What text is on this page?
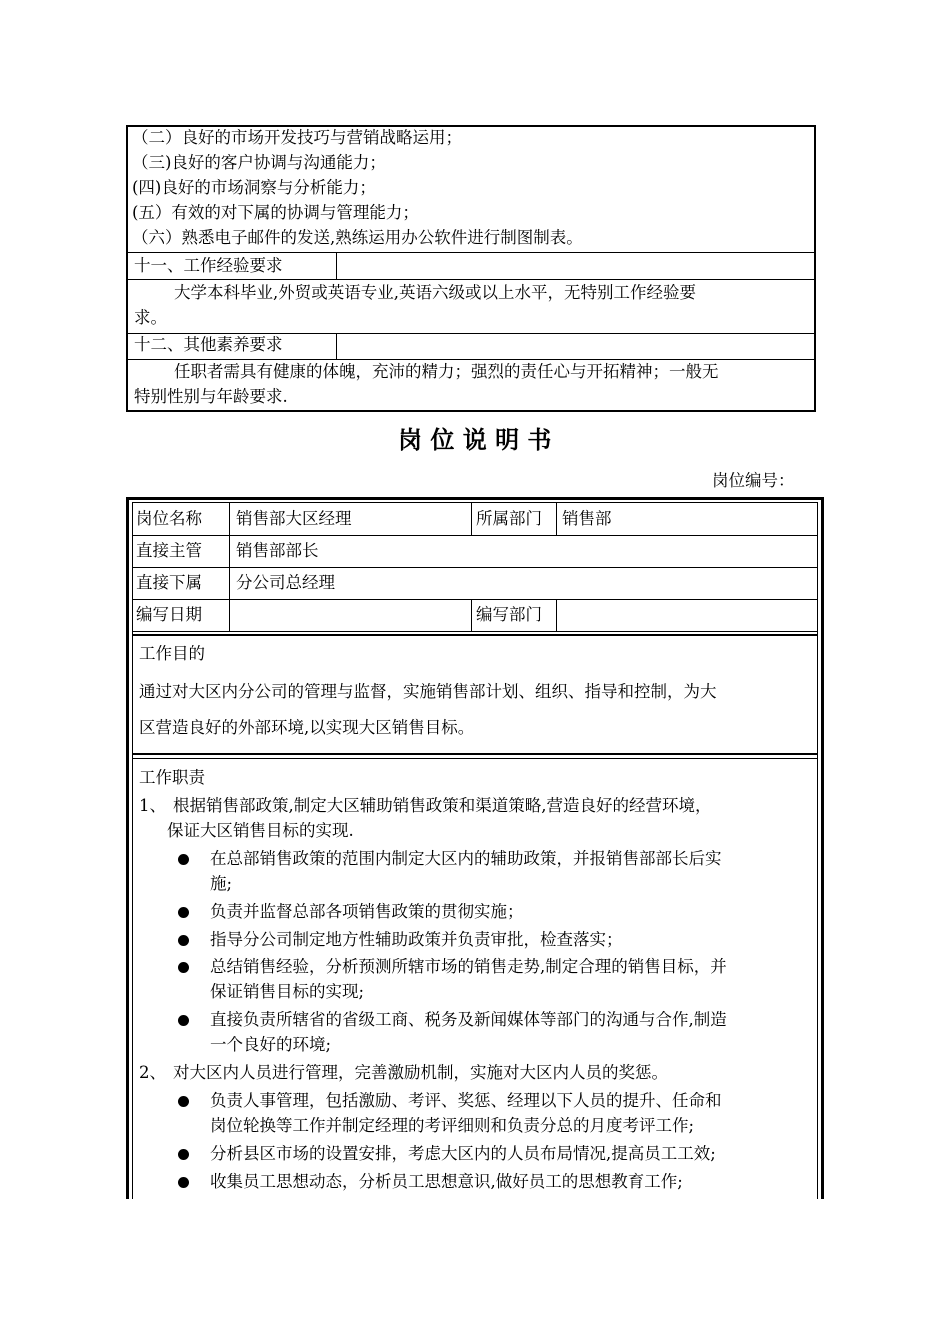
（二）良好的市场开发技巧与营销战略运用；
（三)良好的客户协调与沟通能力；
(四)良好的市场洞察与分析能力；
(五）有效的对下属的协调与管理能力；
（六）熟悉电子邮件的发送,熟练运用办公软件进行制图制表。
十一、工作经验要求
大学本科毕业,外贸或英语专业,英语六级或以上水平，无特别工作经验要
求。
十二、其他素养要求
任职者需具有健康的体魄，充沛的精力；强烈的责任心与开拓精神；一般无
特别性别与年龄要求.
岗 位 说 明 书
岗位编号：
岗位名称 销售部大区经理	所属部门 销售部
直接主管 销售部部长
直接下属 分公司总经理
编写日期	编写部门
工作目的
通过对大区内分公司的管理与监督，实施销售部计划、组织、指导和控制，为大
区营造良好的外部环境,以实现大区销售目标。
工作职责
1、 根据销售部政策,制定大区辅助销售政策和渠道策略,营造良好的经营环境，
保证大区销售目标的实现.
在总部销售政策的范围内制定大区内的辅助政策，并报销售部部长后实
施;
负责并监督总部各项销售政策的贯彻实施；
指导分公司制定地方性辅助政策并负责审批，检查落实；
总结销售经验，分析预测所辖市场的销售走势,制定合理的销售目标，并
保证销售目标的实现;
直接负责所辖省的省级工商、税务及新闻媒体等部门的沟通与合作,制造
一个良好的环境;
2、 对大区内人员进行管理，完善激励机制，实施对大区内人员的奖惩。
负责人事管理，包括激励、考评、奖惩、经理以下人员的提升、任命和
岗位轮换等工作并制定经理的考评细则和负责分总的月度考评工作;
分析县区市场的设置安排，考虑大区内的人员布局情况,提高员工工效;
收集员工思想动态，分析员工思想意识,做好员工的思想教育工作;
